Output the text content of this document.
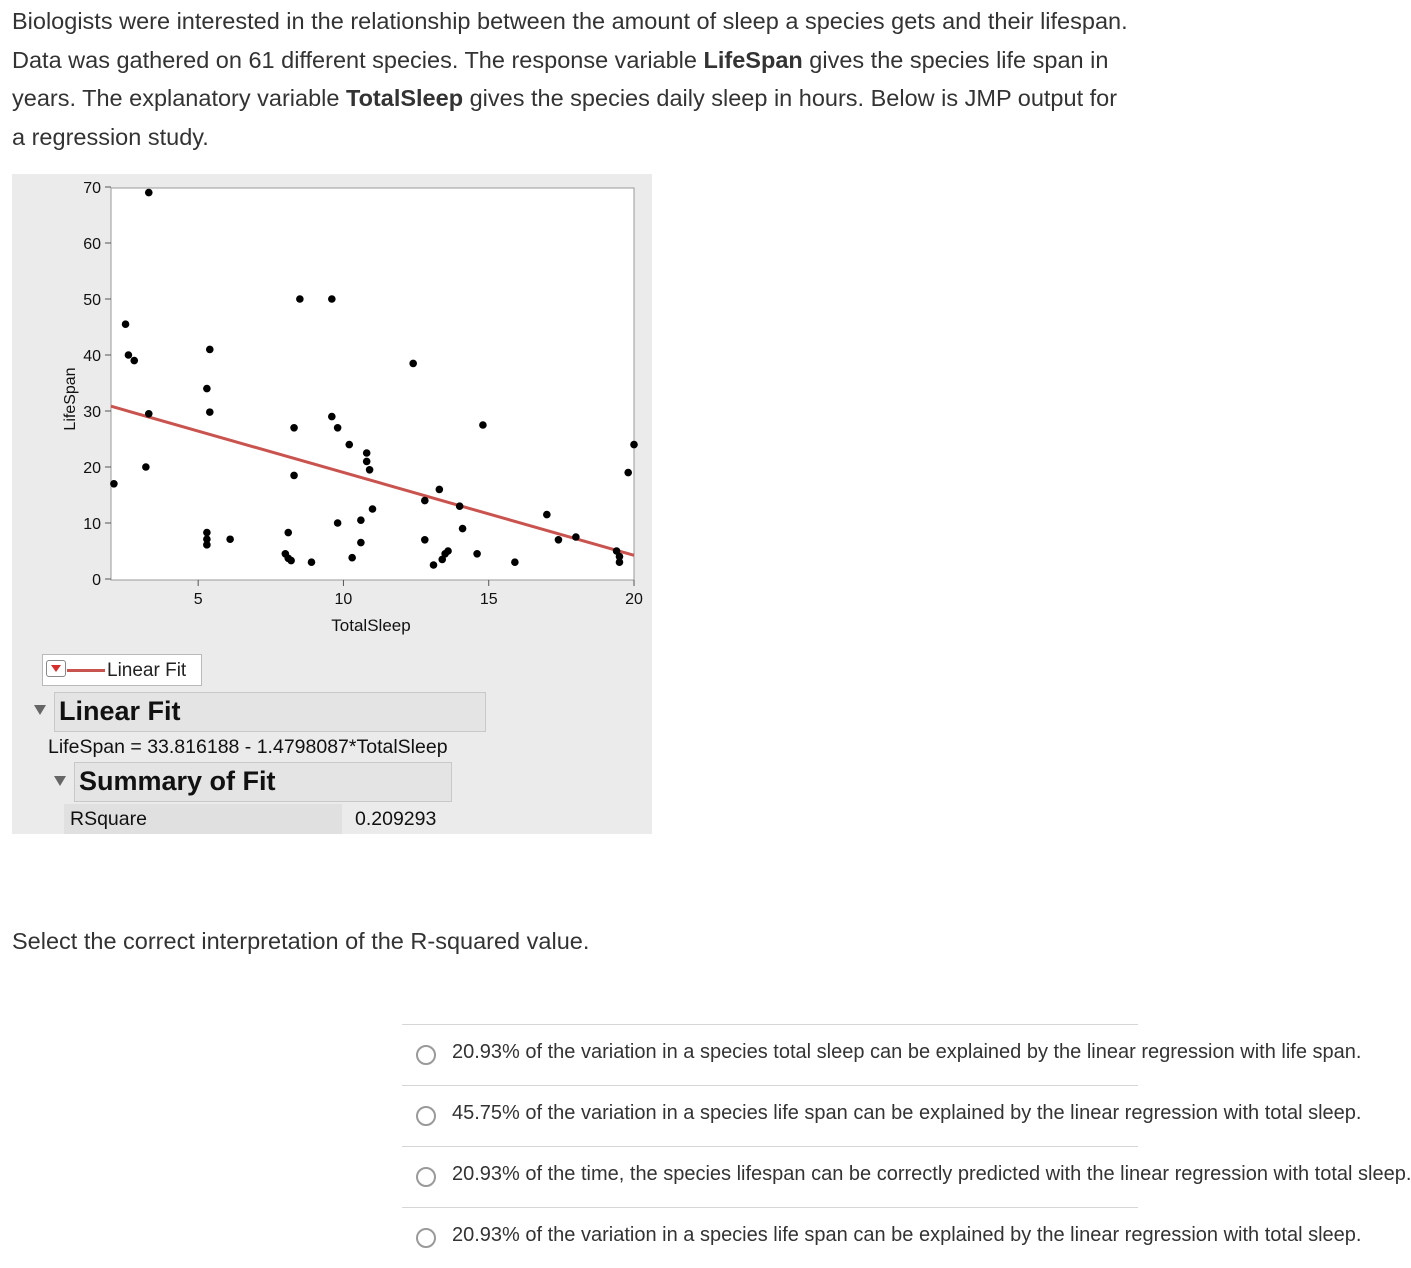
Biologists were interested in the relationship between the amount of sleep a species gets and their lifespan. Data was gathered on 61 different species. The response variable LifeSpan gives the species life span in years. The explanatory variable TotalSleep gives the species daily sleep in hours. Below is JMP output for a regression study.
0
10
20
30
40
50
60
70
5	10	15	20
LifeSpan
TotalSleep
Linear Fit
Linear Fit
LifeSpan = 33.816188 - 1.4798087*TotalSleep
Summary of Fit
RSquare	0.209293
Select the correct interpretation of the R-squared value.
20.93% of the variation in a species total sleep can be explained by the linear regression with life span.
45.75% of the variation in a species life span can be explained by the linear regression with total sleep.
20.93% of the time, the species lifespan can be correctly predicted with the linear regression with total sleep.
20.93% of the variation in a species life span can be explained by the linear regression with total sleep.
